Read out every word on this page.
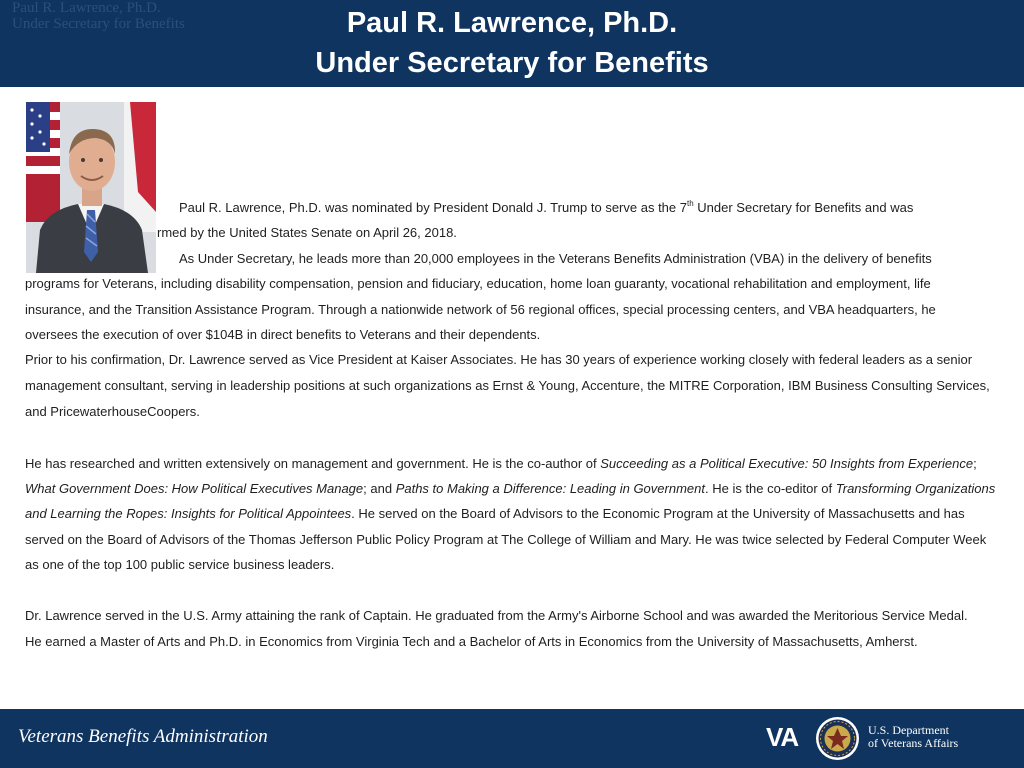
Paul R. Lawrence, Ph.D.
Under Secretary for Benefits	Paul R. Lawrence, Ph.D.
Under Secretary for Benefits
Paul R. Lawrence, Ph.D. was nominated by President Donald J. Trump to serve as the 7th Under Secretary for Benefits and was
rmed by the United States Senate on April 26, 2018.
As Under Secretary, he leads more than 20,000 employees in the Veterans Benefits Administration (VBA) in the delivery of benefits
programs for Veterans, including disability compensation, pension and fiduciary, education, home loan guaranty, vocational rehabilitation and employment, life
insurance, and the Transition Assistance Program. Through a nationwide network of 56 regional offices, special processing centers, and VBA headquarters, he
oversees the execution of over $104B in direct benefits to Veterans and their dependents.
Prior to his confirmation, Dr. Lawrence served as Vice President at Kaiser Associates. He has 30 years of experience working closely with federal leaders as a senior
management consultant, serving in leadership positions at such organizations as Ernst & Young, Accenture, the MITRE Corporation, IBM Business Consulting Services,
and PricewaterhouseCoopers.
He has researched and written extensively on management and government. He is the co-author of Succeeding as a Political Executive: 50 Insights from Experience;
What Government Does: How Political Executives Manage; and Paths to Making a Difference: Leading in Government. He is the co-editor of Transforming Organizations
and Learning the Ropes: Insights for Political Appointees. He served on the Board of Advisors to the Economic Program at the University of Massachusetts and has
served on the Board of Advisors of the Thomas Jefferson Public Policy Program at The College of William and Mary. He was twice selected by Federal Computer Week
as one of the top 100 public service business leaders.
Dr. Lawrence served in the U.S. Army attaining the rank of Captain. He graduated from the Army's Airborne School and was awarded the Meritorious Service Medal.
He earned a Master of Arts and Ph.D. in Economics from Virginia Tech and a Bachelor of Arts in Economics from the University of Massachusetts, Amherst.
Veterans Benefits Administration	VA	U.S. Department
of Veterans Affairs
